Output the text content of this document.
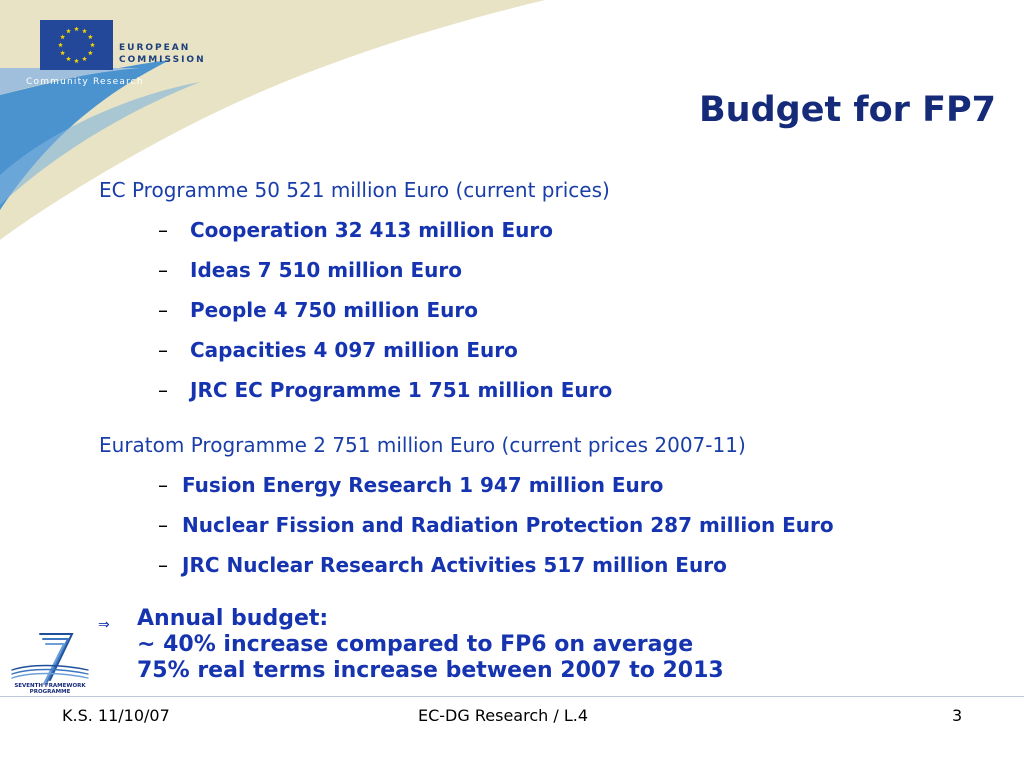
EUROPEAN
COMMISSION
Community Research
Budget for FP7
EC Programme 50 521 million Euro (current prices)
– Cooperation 32 413 million Euro
– Ideas 7 510 million Euro
– People 4 750 million Euro
– Capacities 4 097 million Euro
– JRC EC Programme 1 751 million Euro
Euratom Programme 2 751 million Euro (current prices 2007-11)
– Fusion Energy Research 1 947 million Euro
– Nuclear Fission and Radiation Protection 287 million Euro
– JRC Nuclear Research Activities 517 million Euro
⇒ Annual budget:
~ 40% increase compared to FP6 on average
75% real terms increase between 2007 to 2013
SEVENTH FRAMEWORK
PROGRAMME
K.S. 11/10/07	EC-DG Research / L.4	3
